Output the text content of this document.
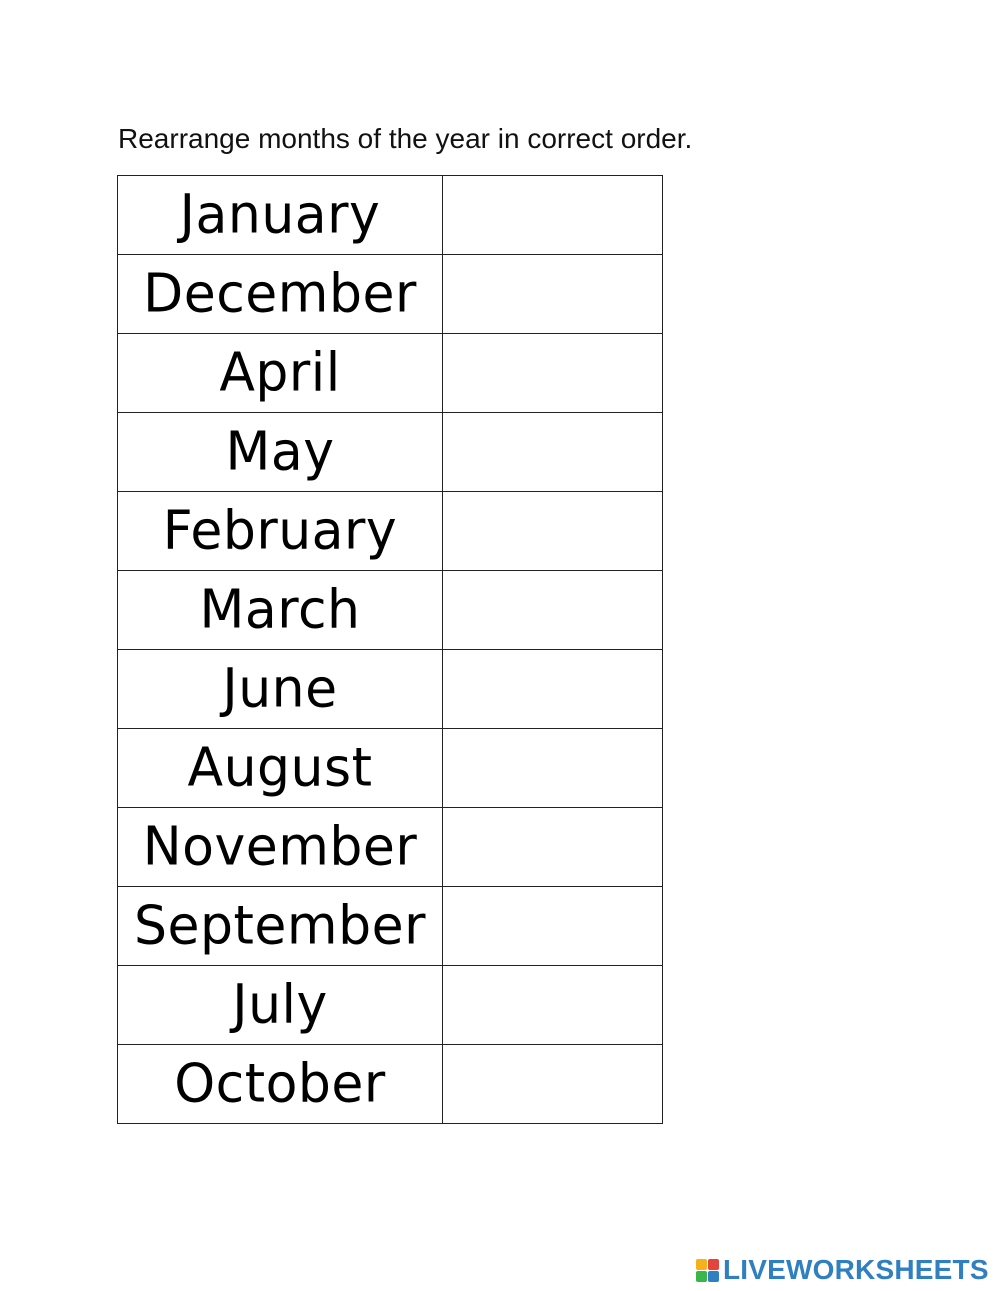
Rearrange months of the year in correct order.
January	
December	
April	
May	
February	
March	
June	
August	
November	
September	
July	
October	
LIVEWORKSHEETS
